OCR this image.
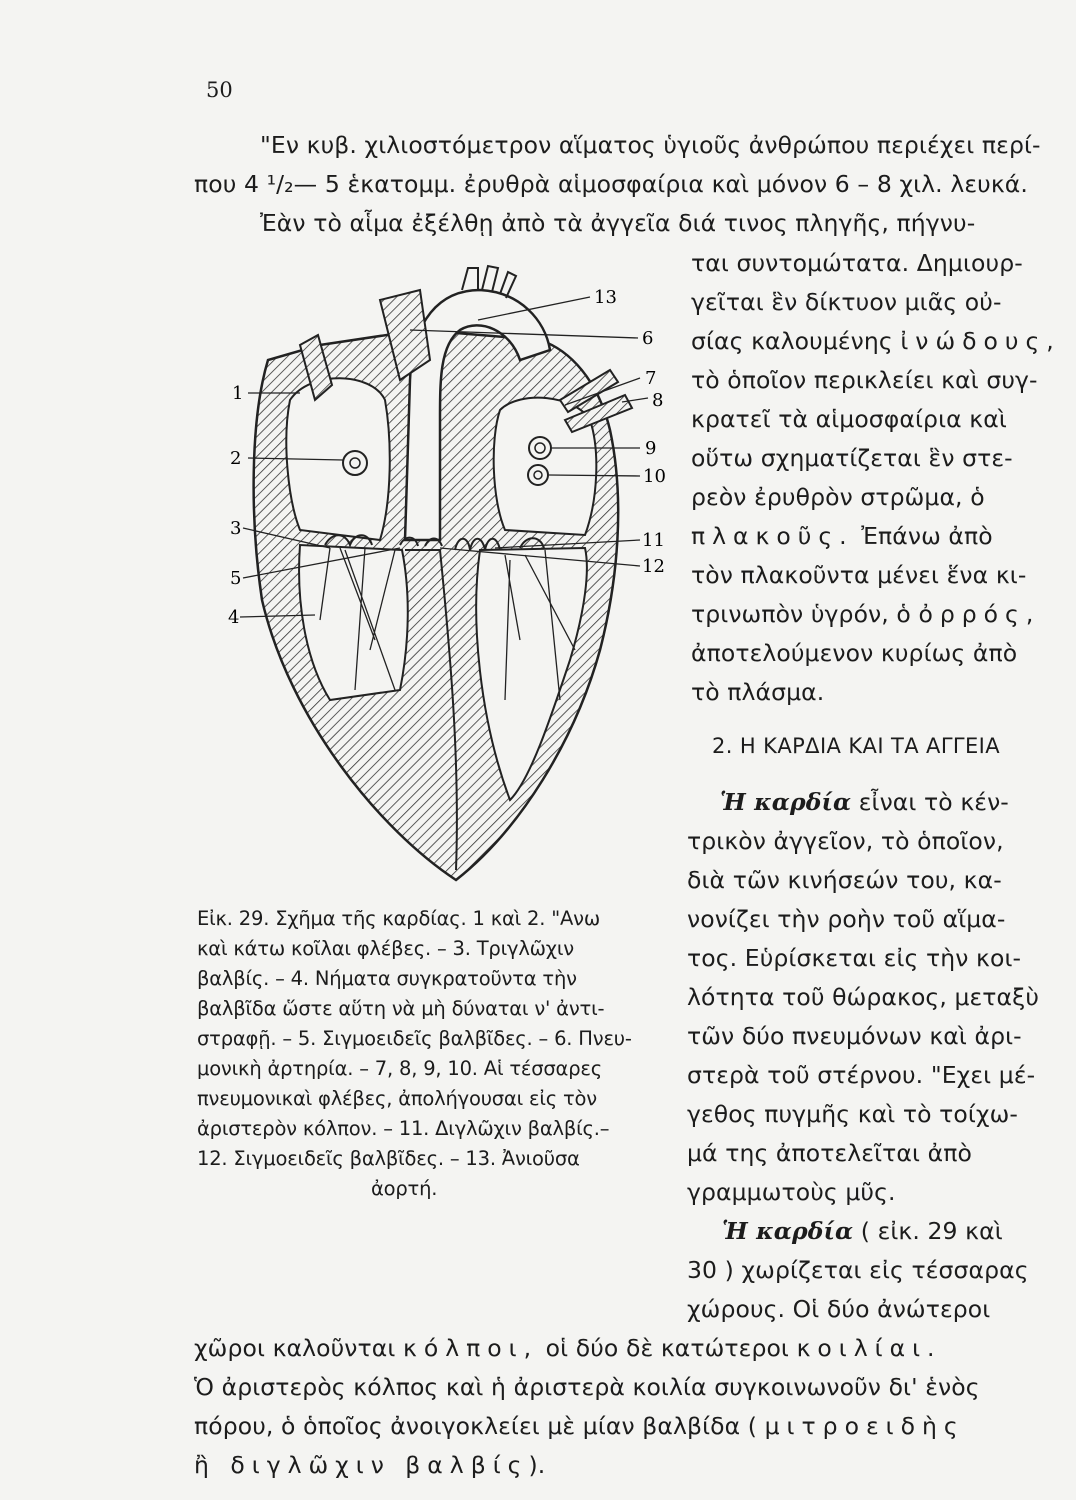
50
"Εν κυβ. χιλιοστόμετρον αἵματος ὑγιοῦς ἀνθρώπου περιέχει περί-
που 4 ¹/₂— 5 ἑκατομμ. ἐρυθρὰ αἱμοσφαίρια καὶ μόνον 6 – 8 χιλ. λευκά.
Ἐὰν τὸ αἷμα ἐξέλθῃ ἀπὸ τὰ ἀγγεῖα διά τινος πληγῆς, πήγνυ-
ται συντομώτατα. Δημιουρ-
γεῖται ἓν δίκτυον μιᾶς οὐ-
σίας καλουμένης ἰνώδους,
τὸ ὁποῖον περικλείει καὶ συγ-
κρατεῖ τὰ αἱμοσφαίρια καὶ
οὕτω σχηματίζεται ἓν στε-
ρεὸν ἐρυθρὸν στρῶμα, ὁ
πλακοῦς. Ἐπάνω ἀπὸ
τὸν πλακοῦντα μένει ἕνα κι-
τρινωπὸν ὑγρόν, ὁ ὀρρός,
ἀποτελούμενον κυρίως ἀπὸ
τὸ πλάσμα.
2. Η ΚΑΡΔΙΑ ΚΑΙ ΤΑ ΑΓΓΕΙΑ
Ἡ καρδία εἶναι τὸ κέν-
τρικὸν ἀγγεῖον, τὸ ὁποῖον,
διὰ τῶν κινήσεών του, κα-
νονίζει τὴν ροὴν τοῦ αἵμα-
τος. Εὑρίσκεται εἰς τὴν κοι-
λότητα τοῦ θώρακος, μεταξὺ
τῶν δύο πνευμόνων καὶ ἀρι-
στερὰ τοῦ στέρνου. "Εχει μέ-
γεθος πυγμῆς καὶ τὸ τοίχω-
μά της ἀποτελεῖται ἀπὸ
γραμμωτοὺς μῦς.
Ἡ καρδία ( εἰκ. 29 καὶ
30 ) χωρίζεται εἰς τέσσαρας
χώρους. Οἱ δύο ἀνώτεροι
χῶροι καλοῦνται κόλποι, οἱ δύο δὲ κατώτεροι κοιλίαι.
Ὁ ἀριστερὸς κόλπος καὶ ἡ ἀριστερὰ κοιλία συγκοινωνοῦν δι' ἑνὸς
πόρου, ὁ ὁποῖος ἀνοιγοκλείει μὲ μίαν βαλβίδα ( μιτροειδὴς
ἢ διγλῶχιν βαλβίς).
Εἰκ. 29. Σχῆμα τῆς καρδίας. 1 καὶ 2. "Ανω
καὶ κάτω κοῖλαι φλέβες. – 3. Τριγλῶχιν
βαλβίς. – 4. Νήματα συγκρατοῦντα τὴν
βαλβῖδα ὥστε αὕτη νὰ μὴ δύναται ν' ἀντι-
στραφῇ. – 5. Σιγμοειδεῖς βαλβῖδες. – 6. Πνευ-
μονικὴ ἀρτηρία. – 7, 8, 9, 10. Αἱ τέσσαρες
πνευμονικαὶ φλέβες, ἀπολήγουσαι εἰς τὸν
ἀριστερὸν κόλπον. – 11. Διγλῶχιν βαλβίς.–
12. Σιγμοειδεῖς βαλβῖδες. – 13. Ἀνιοῦσα
ἀορτή.
1
2
3
4
5
6
7
8
9
10
11
12
13
